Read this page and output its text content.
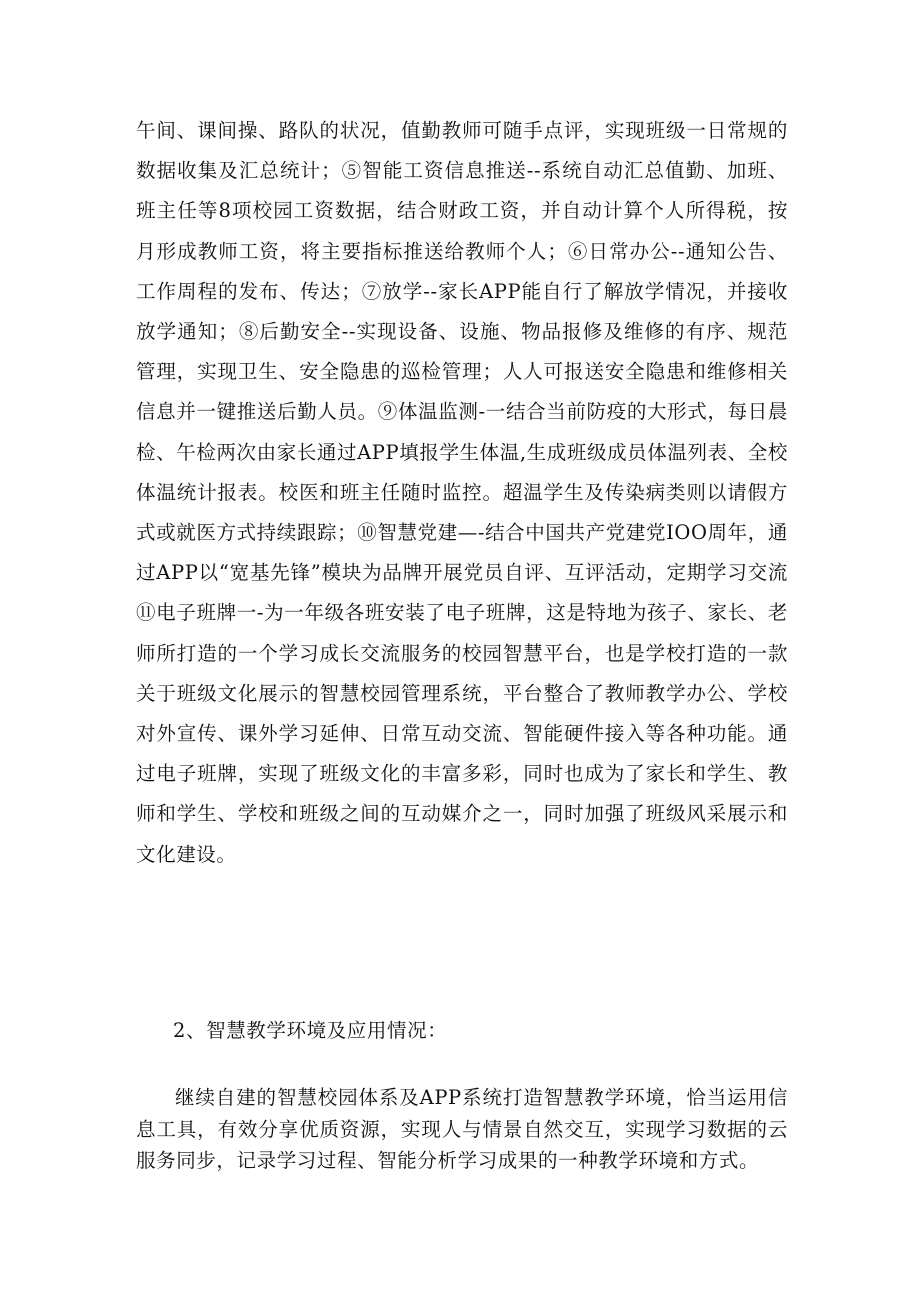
午间、课间操、路队的状况，值勤教师可随手点评，实现班级一日常规的数据收集及汇总统计；⑤智能工资信息推送--系统自动汇总值勤、加班、班主任等8项校园工资数据，结合财政工资，并自动计算个人所得税，按月形成教师工资，将主要指标推送给教师个人；⑥日常办公--通知公告、工作周程的发布、传达；⑦放学--家长APP能自行了解放学情况，并接收放学通知；⑧后勤安全--实现设备、设施、物品报修及维修的有序、规范管理，实现卫生、安全隐患的巡检管理；人人可报送安全隐患和维修相关信息并一键推送后勤人员。⑨体温监测-一结合当前防疫的大形式，每日晨检、午检两次由家长通过APP填报学生体温,生成班级成员体温列表、全校体温统计报表。校医和班主任随时监控。超温学生及传染病类则以请假方式或就医方式持续跟踪；⑩智慧党建—-结合中国共产党建党IOO周年，通过APP以“宽基先锋”模块为品牌开展党员自评、互评活动，定期学习交流 ⑪电子班牌一-为一年级各班安装了电子班牌，这是特地为孩子、家长、老师所打造的一个学习成长交流服务的校园智慧平台，也是学校打造的一款关于班级文化展示的智慧校园管理系统，平台整合了教师教学办公、学校对外宣传、课外学习延伸、日常互动交流、智能硬件接入等各种功能。通过电子班牌，实现了班级文化的丰富多彩，同时也成为了家长和学生、教师和学生、学校和班级之间的互动媒介之一，同时加强了班级风采展示和文化建设。

2、智慧教学环境及应用情况：

继续自建的智慧校园体系及APP系统打造智慧教学环境，恰当运用信息工具，有效分享优质资源，实现人与情景自然交互，实现学习数据的云服务同步，记录学习过程、智能分析学习成果的一种教学环境和方式。
